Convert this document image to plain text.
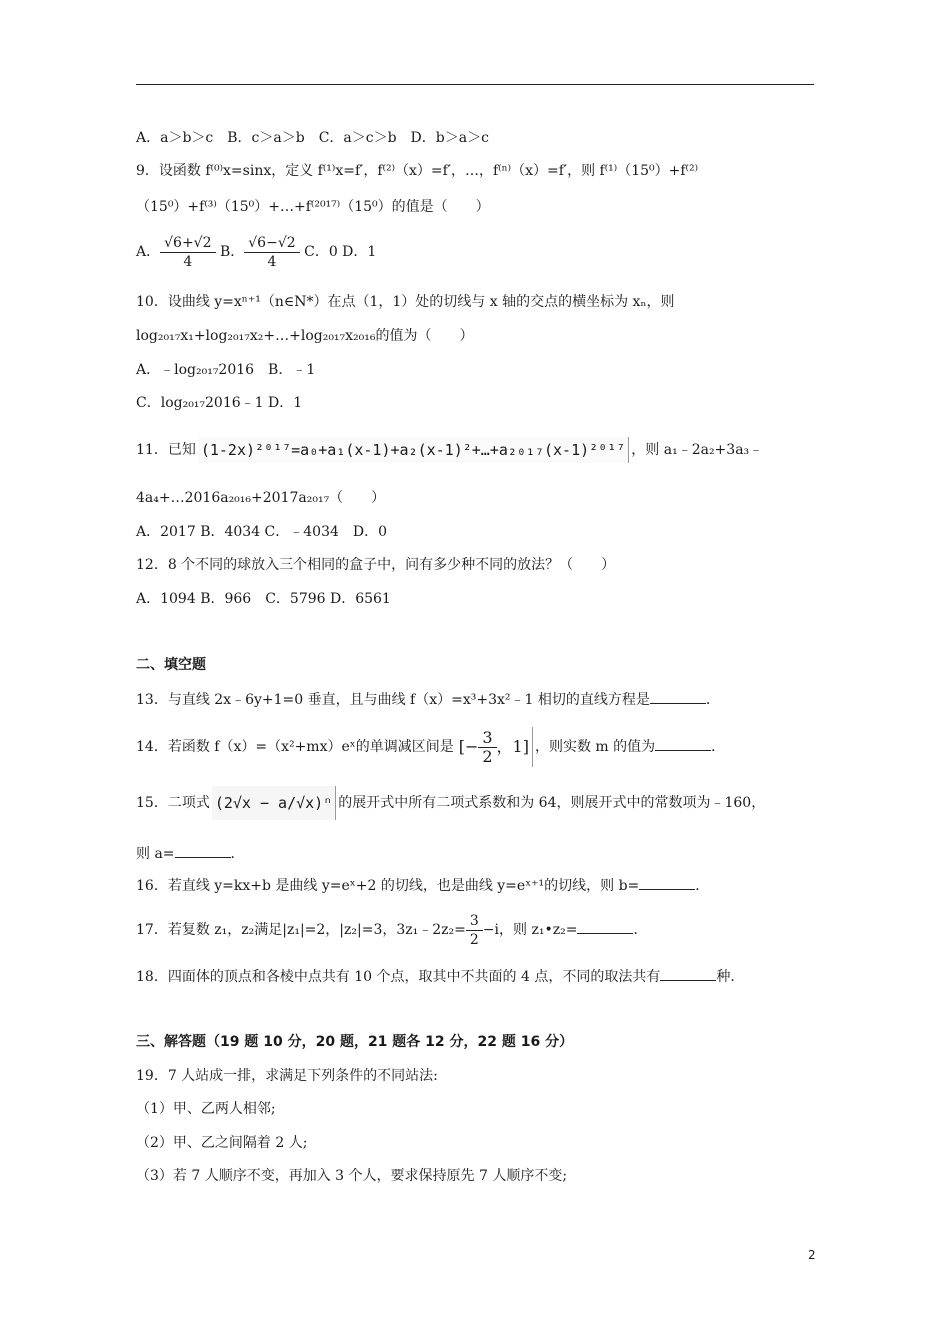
A．a＞b＞c　B．c＞a＞b　C．a＞c＞b　D．b＞a＞c
9．设函数 f⁽⁰⁾x=sinx，定义 f⁽¹⁾x=f′，f⁽²⁾（x）=f′，…，f⁽ⁿ⁾（x）=f′，则 f⁽¹⁾（15⁰）+f⁽²⁾
（15⁰）+f⁽³⁾（15⁰）+…+f⁽²⁰¹⁷⁾（15⁰）的值是（　　）
A． $\frac{√6+√2}{4}$ B． $\frac{√6-√2}{4}$ C．0 D．1
10．设曲线 y=xⁿ⁺¹（n∈N*）在点（1，1）处的切线与 x 轴的交点的横坐标为 xₙ，则
log₂₀₁₇x₁+log₂₀₁₇x₂+…+log₂₀₁₇x₂₀₁₆的值为（　　）
A．﹣log₂₀₁₇2016　B．﹣1
C．log₂₀₁₇2016﹣1 D．1
11．已知 (1-2x)²⁰¹⁷=a₀+a₁(x-1)+a₂(x-1)²+…+a₂₀₁₇(x-1)²⁰¹⁷ ，则 a₁﹣2a₂+3a₃﹣
4a₄+…2016a₂₀₁₆+2017a₂₀₁₇（　　）
A．2017 B．4034 C．﹣4034　D．0
12．8 个不同的球放入三个相同的盒子中，问有多少种不同的放法？（　　）
A．1094 B．966　C．5796 D．6561
二、填空题
13．与直线 2x﹣6y+1=0 垂直，且与曲线 f（x）=x³+3x²﹣1 相切的直线方程是	．
14．若函数 f（x）=（x²+mx）eˣ的单调减区间是 [− $\frac{3}{2}$ ，1] ，则实数 m 的值为	．
15．二项式 (2√x − a/√x)ⁿ 的展开式中所有二项式系数和为 64，则展开式中的常数项为﹣160，
则 a=	．
16．若直线 y=kx+b 是曲线 y=eˣ+2 的切线，也是曲线 y=eˣ⁺¹的切线，则 b=	．
17．若复数 z₁，z₂满足|z₁|=2，|z₂|=3，3z₁﹣2z₂= $\frac{3}{2} -i$，则 z₁•z₂=	．
18．四面体的顶点和各棱中点共有 10 个点，取其中不共面的 4 点，不同的取法共有	种．
三、解答题（19 题 10 分，20 题，21 题各 12 分，22 题 16 分）
19．7 人站成一排，求满足下列条件的不同站法:
（1）甲、乙两人相邻;
（2）甲、乙之间隔着 2 人;
（3）若 7 人顺序不变，再加入 3 个人，要求保持原先 7 人顺序不变;
2
